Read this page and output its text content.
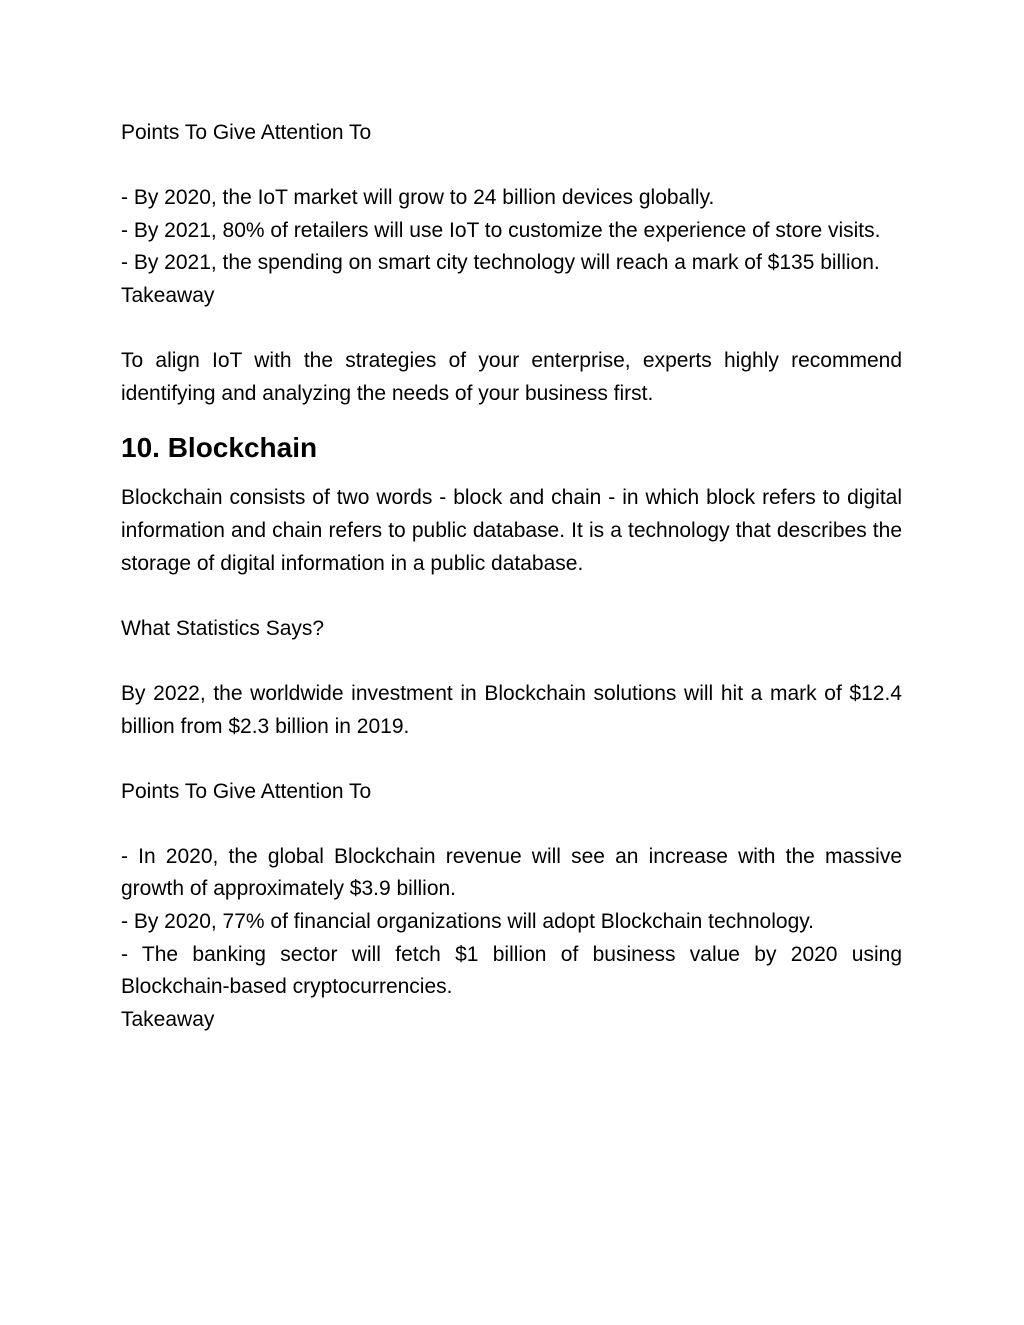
Points To Give Attention To

- By 2020, the IoT market will grow to 24 billion devices globally.

- By 2021, 80% of retailers will use IoT to customize the experience of store visits.

- By 2021, the spending on smart city technology will reach a mark of $135 billion.

Takeaway

To align IoT with the strategies of your enterprise, experts highly recommend identifying and analyzing the needs of your business first.

10. Blockchain

Blockchain consists of two words - block and chain - in which block refers to digital information and chain refers to public database. It is a technology that describes the storage of digital information in a public database.

What Statistics Says?

By 2022, the worldwide investment in Blockchain solutions will hit a mark of $12.4 billion from $2.3 billion in 2019.

Points To Give Attention To

- In 2020, the global Blockchain revenue will see an increase with the massive growth of approximately $3.9 billion.

- By 2020, 77% of financial organizations will adopt Blockchain technology.

- The banking sector will fetch $1 billion of business value by 2020 using Blockchain-based cryptocurrencies.

Takeaway
